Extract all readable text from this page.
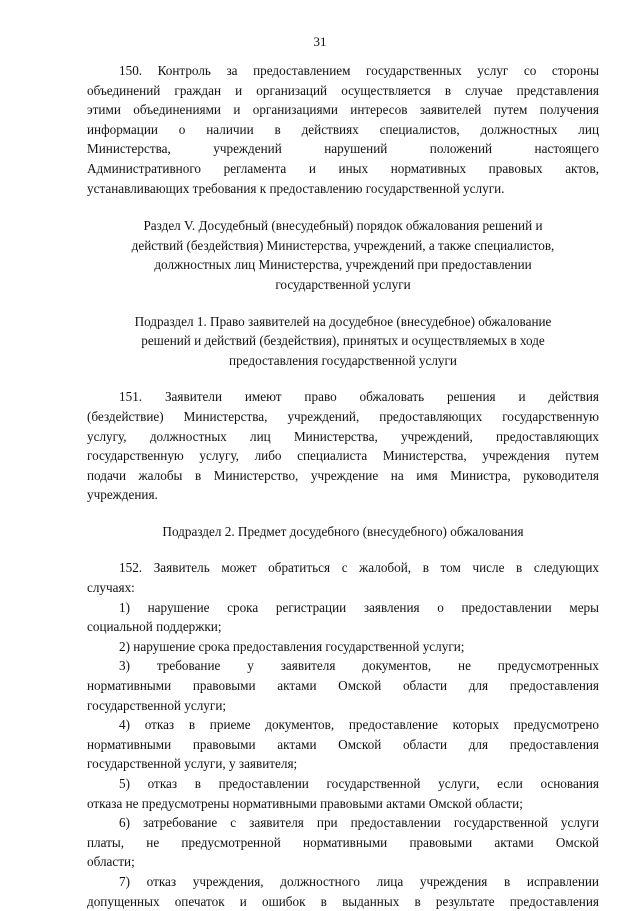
31
150. Контроль за предоставлением государственных услуг со стороны
объединений граждан и организаций осуществляется в случае представления
этими объединениями и организациями интересов заявителей путем получения
информации о наличии в действиях специалистов, должностных лиц
Министерства, учреждений нарушений положений настоящего
Административного регламента и иных нормативных правовых актов,
устанавливающих требования к предоставлению государственной услуги.
Раздел V. Досудебный (внесудебный) порядок обжалования решений и
действий (бездействия) Министерства, учреждений, а также специалистов,
должностных лиц Министерства, учреждений при предоставлении
государственной услуги
Подраздел 1. Право заявителей на досудебное (внесудебное) обжалование
решений и действий (бездействия), принятых и осуществляемых в ходе
предоставления государственной услуги
151. Заявители имеют право обжаловать решения и действия
(бездействие) Министерства, учреждений, предоставляющих государственную
услугу, должностных лиц Министерства, учреждений, предоставляющих
государственную услугу, либо специалиста Министерства, учреждения путем
подачи жалобы в Министерство, учреждение на имя Министра, руководителя
учреждения.
Подраздел 2. Предмет досудебного (внесудебного) обжалования
152. Заявитель может обратиться с жалобой, в том числе в следующих
случаях:
1) нарушение срока регистрации заявления о предоставлении меры
социальной поддержки;
2) нарушение срока предоставления государственной услуги;
3) требование у заявителя документов, не предусмотренных
нормативными правовыми актами Омской области для предоставления
государственной услуги;
4) отказ в приеме документов, предоставление которых предусмотрено
нормативными правовыми актами Омской области для предоставления
государственной услуги, у заявителя;
5) отказ в предоставлении государственной услуги, если основания
отказа не предусмотрены нормативными правовыми актами Омской области;
6) затребование с заявителя при предоставлении государственной услуги
платы, не предусмотренной нормативными правовыми актами Омской
области;
7) отказ учреждения, должностного лица учреждения в исправлении
допущенных опечаток и ошибок в выданных в результате предоставления
